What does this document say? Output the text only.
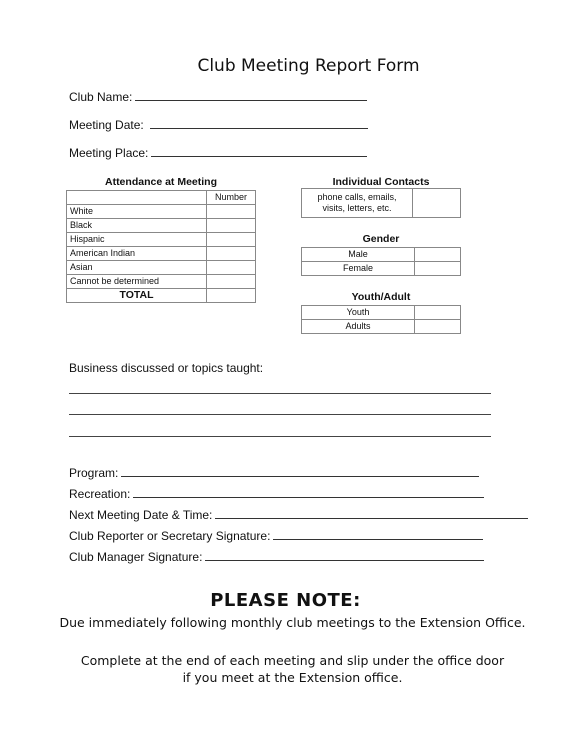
Club Meeting Report Form
Club Name:
Meeting Date:
Meeting Place:
Attendance at Meeting
	Number
White	
Black	
Hispanic	
American Indian	
Asian	
Cannot be determined	
TOTAL	
Individual Contacts
phone calls, emails, visits, letters, etc.	
Gender
Male	
Female	
Youth/Adult
Youth	
Adults	
Business discussed or topics taught:
Program:
Recreation:
Next Meeting Date & Time:
Club Reporter or Secretary Signature:
Club Manager Signature:
PLEASE NOTE:
Due immediately following monthly club meetings to the Extension Office.
Complete at the end of each meeting and slip under the office door
if you meet at the Extension office.
